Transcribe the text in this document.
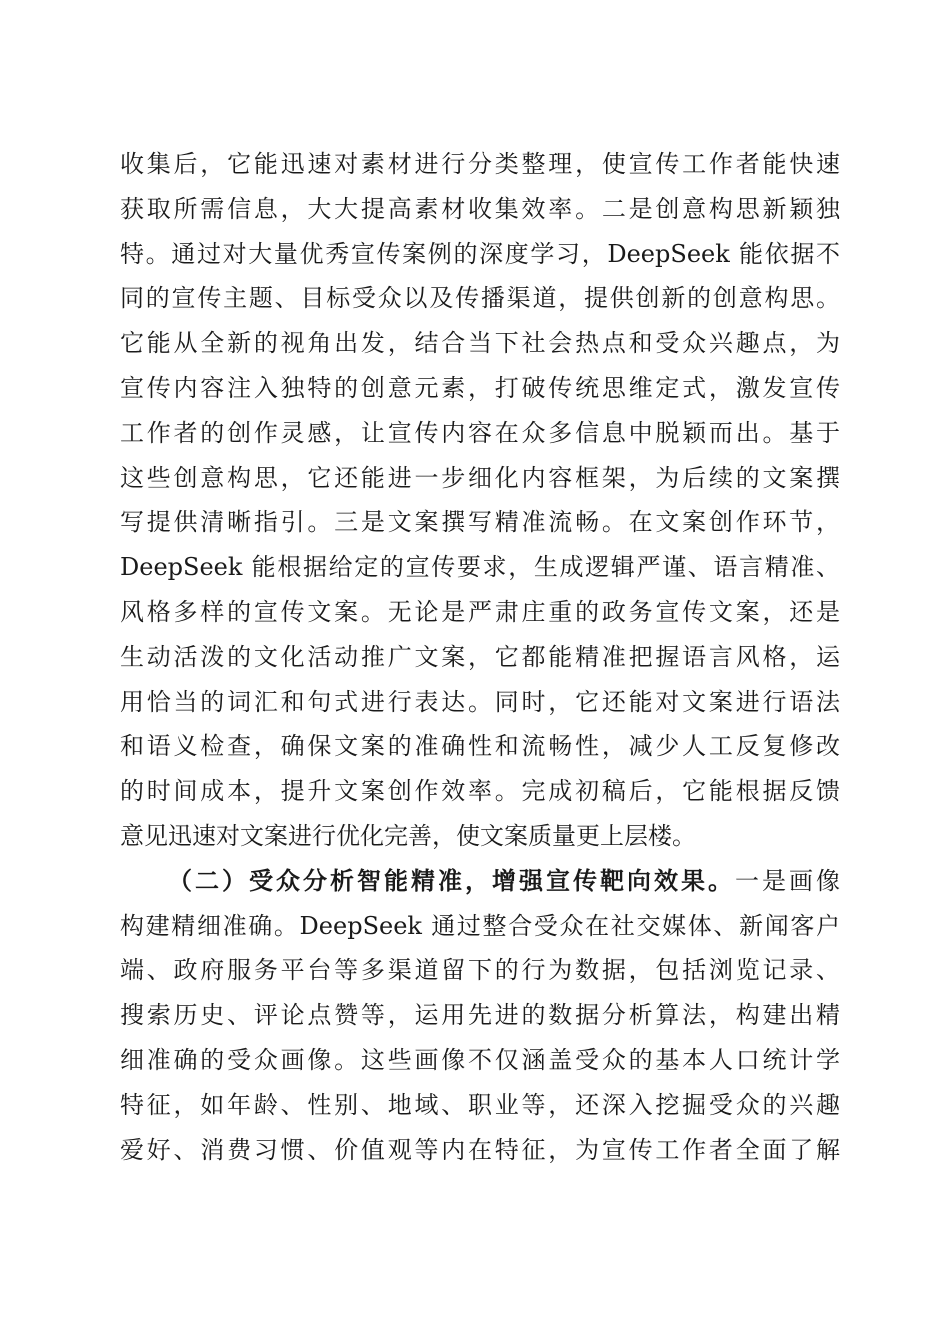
收集后，它能迅速对素材进行分类整理，使宣传工作者能快速
获取所需信息，大大提高素材收集效率。二是创意构思新颖独
特。通过对大量优秀宣传案例的深度学习，DeepSeek 能依据不
同的宣传主题、目标受众以及传播渠道，提供创新的创意构思。
它能从全新的视角出发，结合当下社会热点和受众兴趣点，为
宣传内容注入独特的创意元素，打破传统思维定式，激发宣传
工作者的创作灵感，让宣传内容在众多信息中脱颖而出。基于
这些创意构思，它还能进一步细化内容框架，为后续的文案撰
写提供清晰指引。三是文案撰写精准流畅。在文案创作环节，
DeepSeek 能根据给定的宣传要求，生成逻辑严谨、语言精准、
风格多样的宣传文案。无论是严肃庄重的政务宣传文案，还是
生动活泼的文化活动推广文案，它都能精准把握语言风格，运
用恰当的词汇和句式进行表达。同时，它还能对文案进行语法
和语义检查，确保文案的准确性和流畅性，减少人工反复修改
的时间成本，提升文案创作效率。完成初稿后，它能根据反馈
意见迅速对文案进行优化完善，使文案质量更上层楼。
（二）受众分析智能精准，增强宣传靶向效果。一是画像
构建精细准确。DeepSeek 通过整合受众在社交媒体、新闻客户
端、政府服务平台等多渠道留下的行为数据，包括浏览记录、
搜索历史、评论点赞等，运用先进的数据分析算法，构建出精
细准确的受众画像。这些画像不仅涵盖受众的基本人口统计学
特征，如年龄、性别、地域、职业等，还深入挖掘受众的兴趣
爱好、消费习惯、价值观等内在特征，为宣传工作者全面了解
